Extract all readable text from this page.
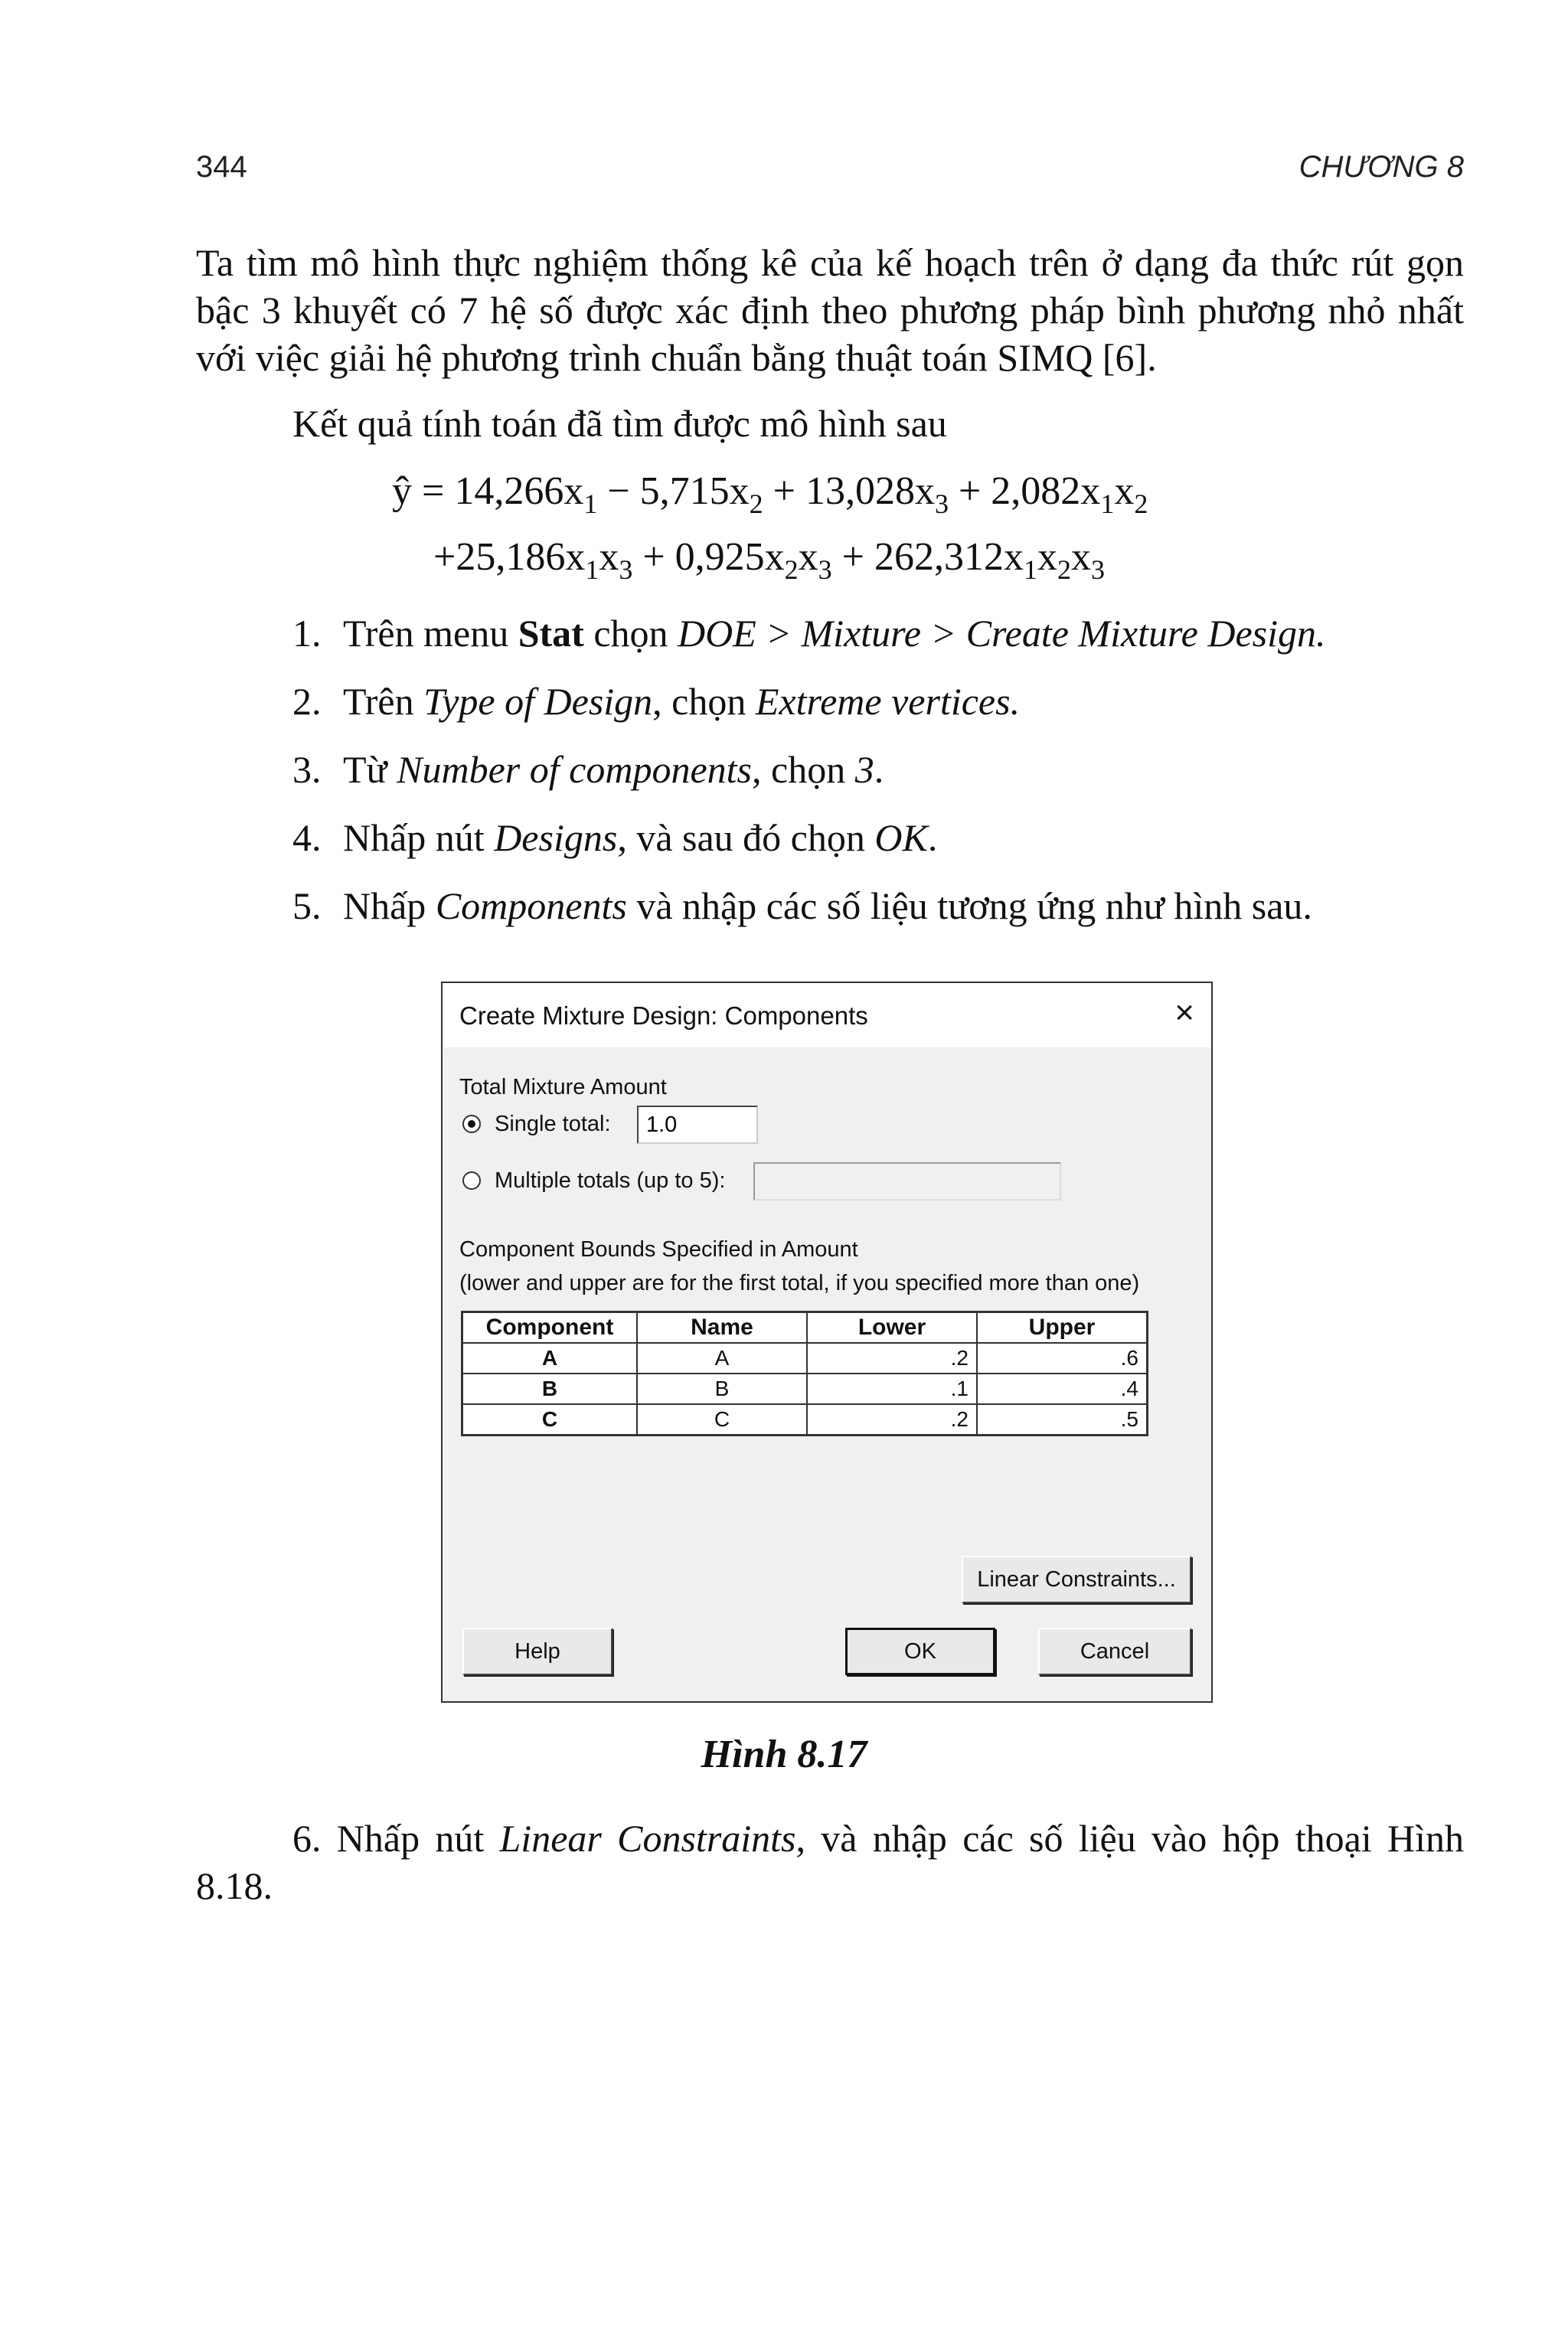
344	CHƯƠNG 8
Ta tìm mô hình thực nghiệm thống kê của kế hoạch trên ở dạng đa thức rút gọn bậc 3 khuyết có 7 hệ số được xác định theo phương pháp bình phương nhỏ nhất với việc giải hệ phương trình chuẩn bằng thuật toán SIMQ [6].
Kết quả tính toán đã tìm được mô hình sau
ŷ = $14,266x_1 - 5,715x_2 + 13,028x_3 + 2,082x_1x_2$
$+25,186x_1x_3 + 0,925x_2x_3 + 262,312x_1x_2x_3$
1. Trên menu Stat chọn DOE > Mixture > Create Mixture Design.
2. Trên Type of Design, chọn Extreme vertices.
3. Từ Number of components, chọn 3.
4. Nhấp nút Designs, và sau đó chọn OK.
5. Nhấp Components và nhập các số liệu tương ứng như hình sau.
Create Mixture Design: Components	×
Total Mixture Amount
Single total:
1.0
Multiple totals (up to 5):
Component Bounds Specified in Amount
(lower and upper are for the first total, if you specified more than one)
Component	Name	Lower	Upper
A	A	.2	.6
B	B	.1	.4
C	C	.2	.5
Linear Constraints...
Help	OK	Cancel
Hình 8.17
6. Nhấp nút Linear Constraints, và nhập các số liệu vào hộp thoại Hình 8.18.
